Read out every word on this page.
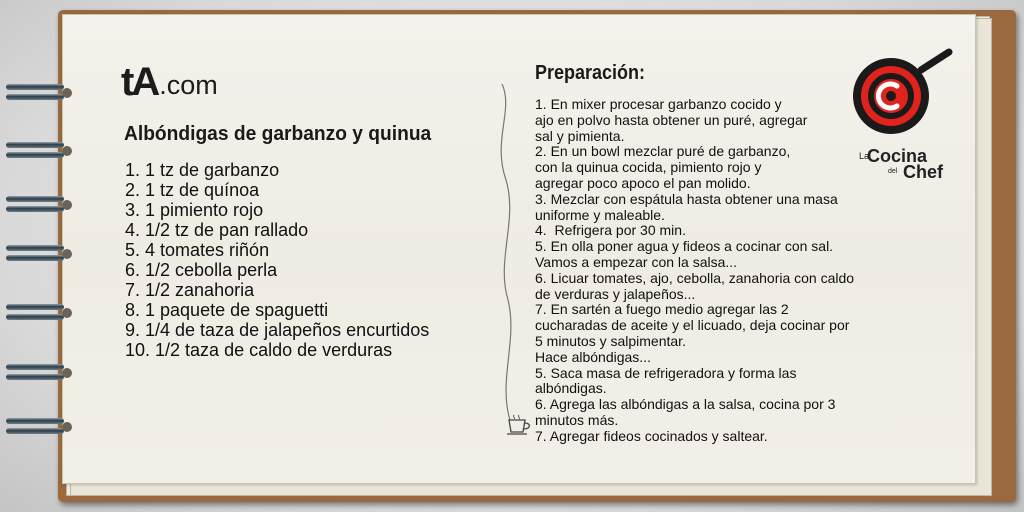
tA .com
Albóndigas de garbanzo y quinua
1. 1 tz de garbanzo
2. 1 tz de quínoa
3. 1 pimiento rojo
4. 1/2 tz de pan rallado
5. 4 tomates riñón
6. 1/2 cebolla perla
7. 1/2 zanahoria
8. 1 paquete de spaguetti
9. 1/4 de taza de jalapeños encurtidos
10. 1/2 taza de caldo de verduras
Preparación:
1. En mixer procesar garbanzo cocido y
ajo en polvo hasta obtener un puré, agregar
sal y pimienta.
2. En un bowl mezclar puré de garbanzo,
con la quinua cocida, pimiento rojo y
agregar poco apoco el pan molido.
3. Mezclar con espátula hasta obtener una masa
uniforme y maleable.
4.  Refrigera por 30 min.
5. En olla poner agua y fideos a cocinar con sal.
Vamos a empezar con la salsa...
6. Licuar tomates, ajo, cebolla, zanahoria con caldo
de verduras y jalapeños...
7. En sartén a fuego medio agregar las 2
cucharadas de aceite y el licuado, deja cocinar por
5 minutos y salpimentar.
Hace albóndigas...
5. Saca masa de refrigeradora y forma las
albóndigas.
6. Agrega las albóndigas a la salsa, cocina por 3
minutos más.
7. Agregar fideos cocinados y saltear.
La
Cocina
del Chef
